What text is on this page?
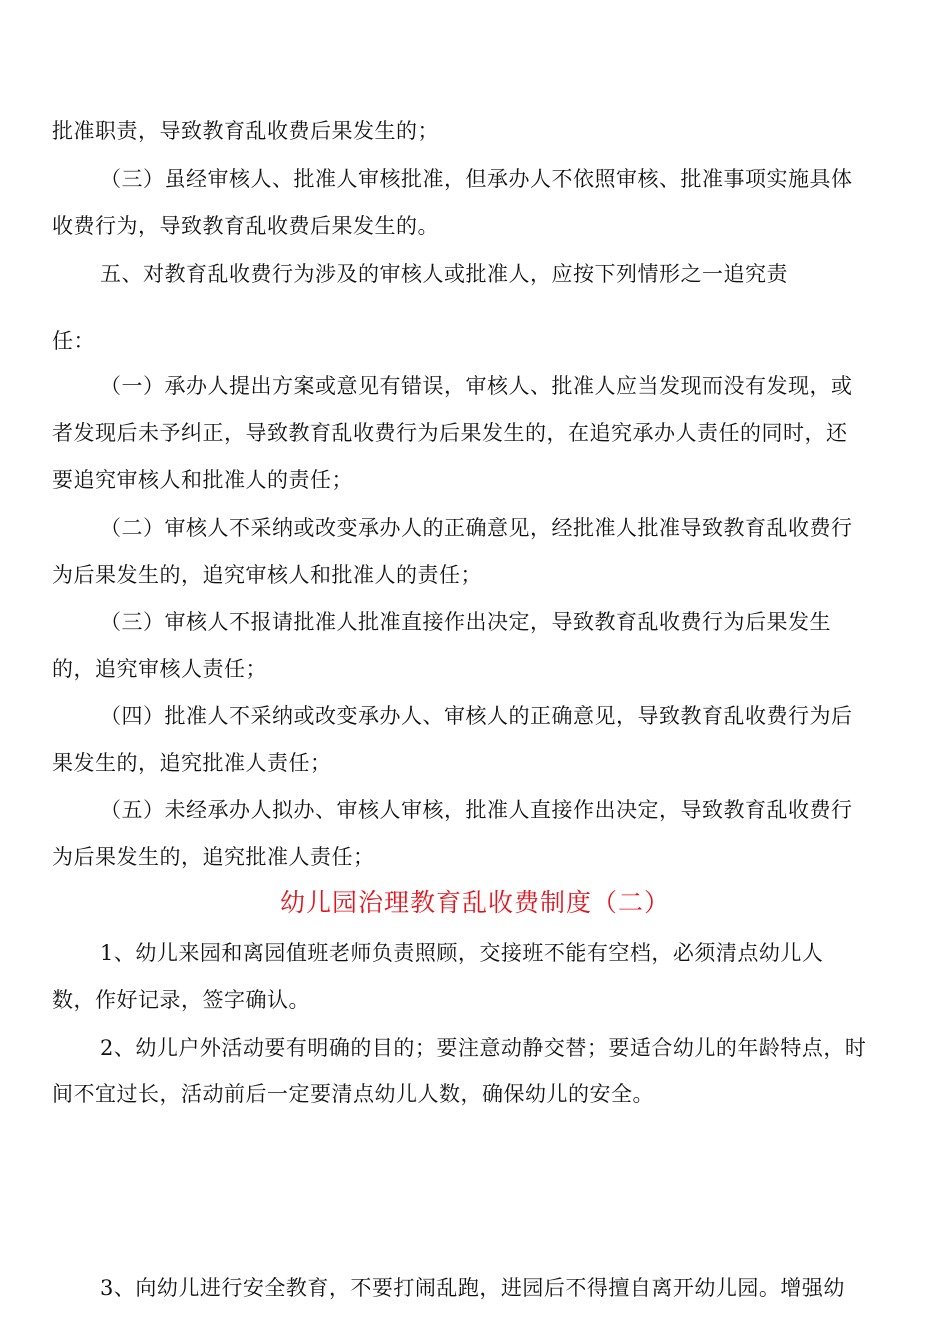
批准职责，导致教育乱收费后果发生的；
（三）虽经审核人、批准人审核批准，但承办人不依照审核、批准事项实施具体
收费行为，导致教育乱收费后果发生的。
五、对教育乱收费行为涉及的审核人或批准人，应按下列情形之一追究责
任：
（一）承办人提出方案或意见有错误，审核人、批准人应当发现而没有发现，或
者发现后未予纠正，导致教育乱收费行为后果发生的，在追究承办人责任的同时，还
要追究审核人和批准人的责任；
（二）审核人不采纳或改变承办人的正确意见，经批准人批准导致教育乱收费行
为后果发生的，追究审核人和批准人的责任；
（三）审核人不报请批准人批准直接作出决定，导致教育乱收费行为后果发生
的，追究审核人责任；
（四）批准人不采纳或改变承办人、审核人的正确意见，导致教育乱收费行为后
果发生的，追究批准人责任；
（五）未经承办人拟办、审核人审核，批准人直接作出决定，导致教育乱收费行
为后果发生的，追究批准人责任；
幼儿园治理教育乱收费制度（二）
1、幼儿来园和离园值班老师负责照顾，交接班不能有空档，必须清点幼儿人
数，作好记录，签字确认。
2、幼儿户外活动要有明确的目的；要注意动静交替；要适合幼儿的年龄特点，时
间不宜过长，活动前后一定要清点幼儿人数，确保幼儿的安全。
3、向幼儿进行安全教育，不要打闹乱跑，进园后不得擅自离开幼儿园。增强幼
